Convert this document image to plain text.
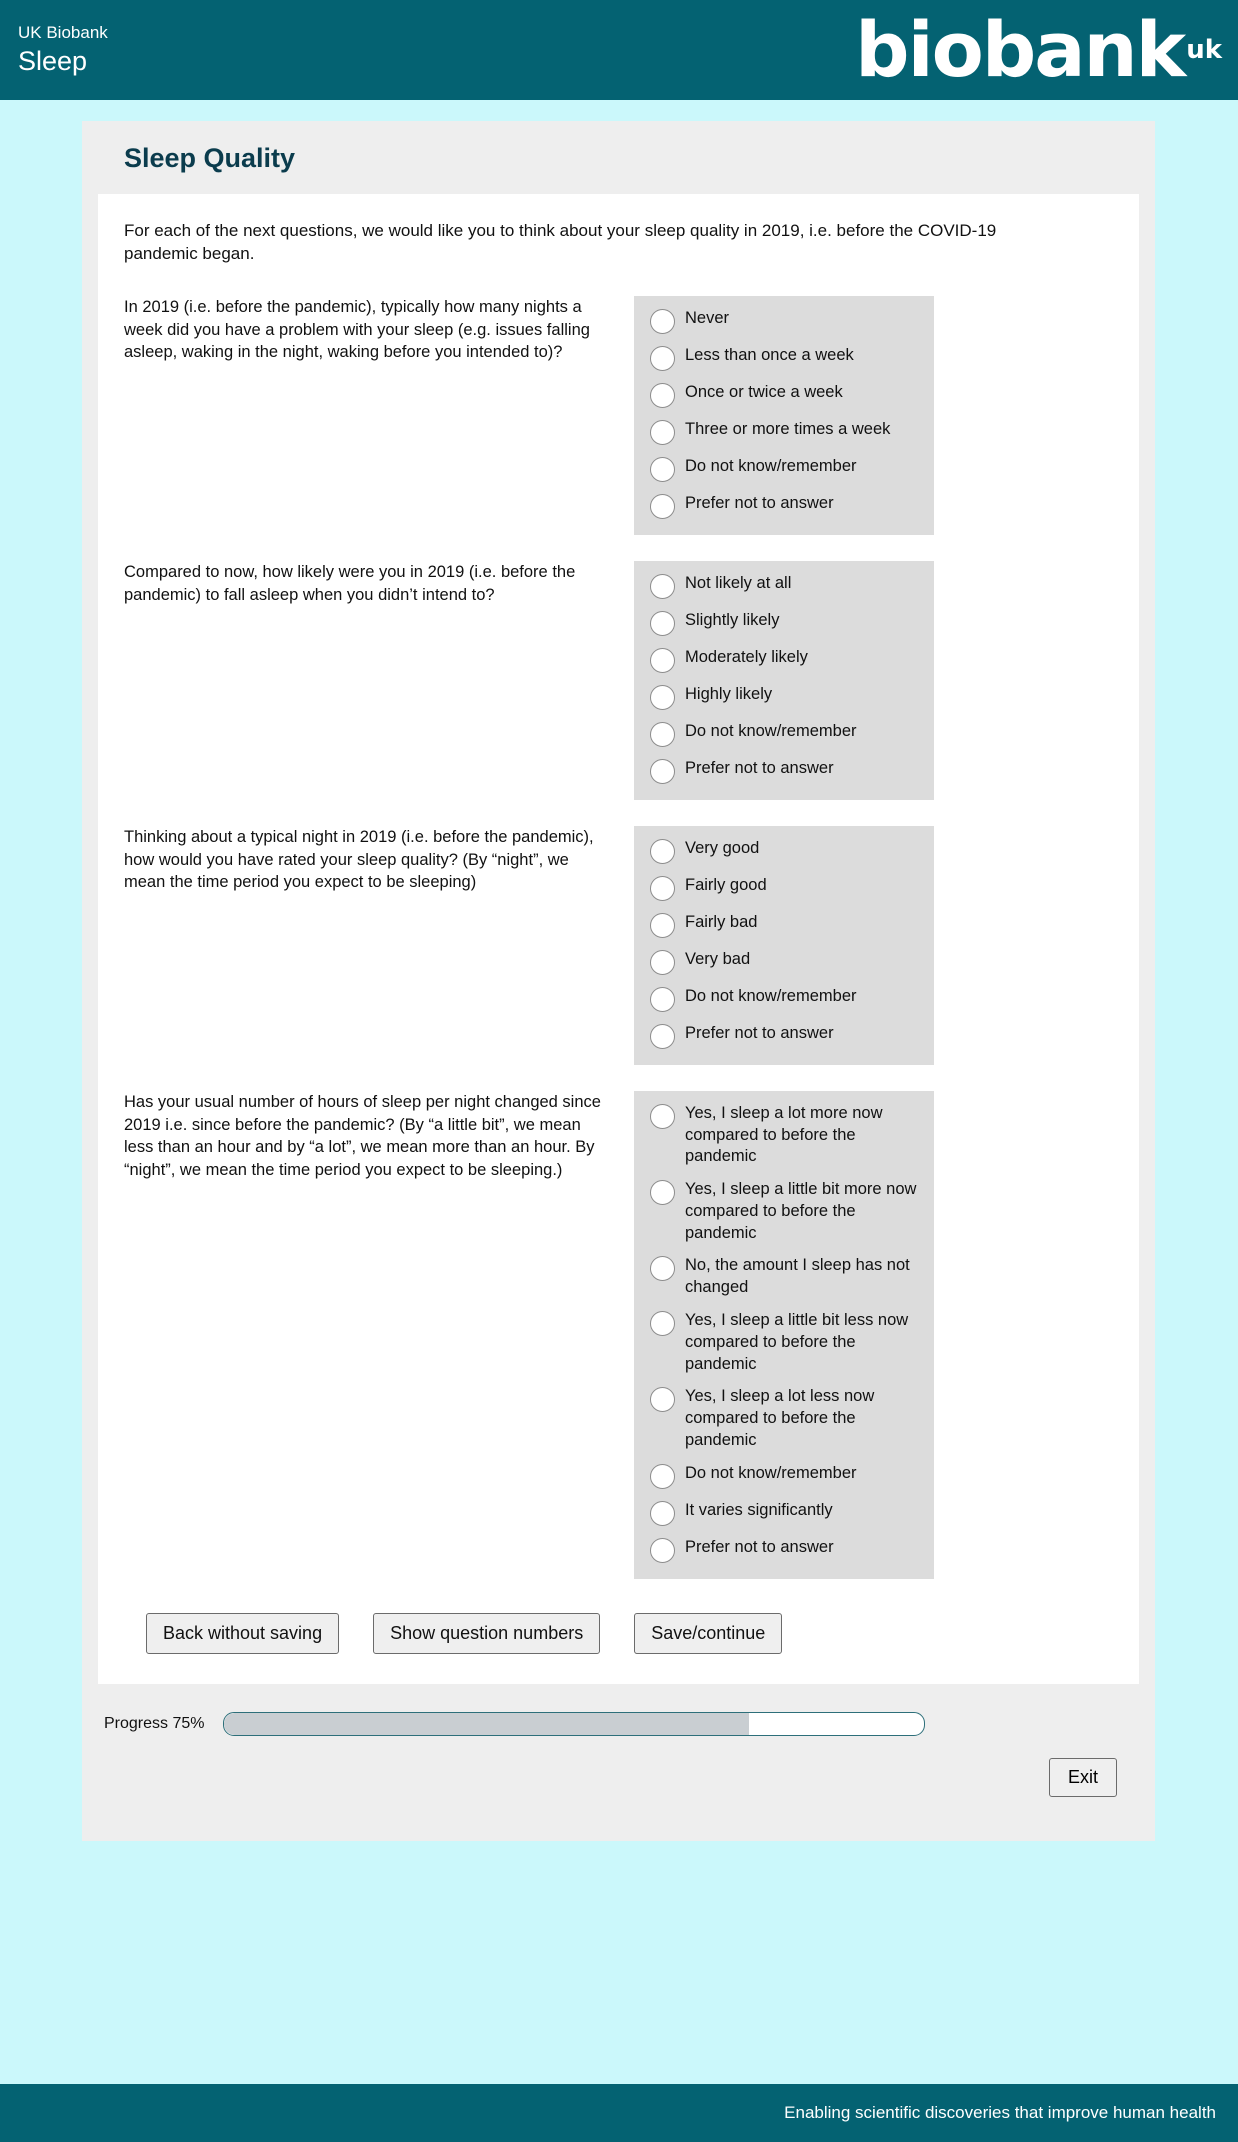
UK Biobank
Sleep	biobank uk
Sleep Quality
For each of the next questions, we would like you to think about your sleep quality in 2019, i.e. before the COVID-19 pandemic began.
In 2019 (i.e. before the pandemic), typically how many nights a week did you have a problem with your sleep (e.g. issues falling asleep, waking in the night, waking before you intended to)?
Never
Less than once a week
Once or twice a week
Three or more times a week
Do not know/remember
Prefer not to answer
Compared to now, how likely were you in 2019 (i.e. before the pandemic) to fall asleep when you didn’t intend to?
Not likely at all
Slightly likely
Moderately likely
Highly likely
Do not know/remember
Prefer not to answer
Thinking about a typical night in 2019 (i.e. before the pandemic), how would you have rated your sleep quality? (By “night”, we mean the time period you expect to be sleeping)
Very good
Fairly good
Fairly bad
Very bad
Do not know/remember
Prefer not to answer
Has your usual number of hours of sleep per night changed since 2019 i.e. since before the pandemic? (By “a little bit”, we mean less than an hour and by “a lot”, we mean more than an hour. By “night”, we mean the time period you expect to be sleeping.)
Yes, I sleep a lot more now compared to before the pandemic
Yes, I sleep a little bit more now compared to before the pandemic
No, the amount I sleep has not changed
Yes, I sleep a little bit less now compared to before the pandemic
Yes, I sleep a lot less now compared to before the pandemic
Do not know/remember
It varies significantly
Prefer not to answer
Back without saving	Show question numbers	Save/continue
Progress 75%
Exit
Enabling scientific discoveries that improve human health
